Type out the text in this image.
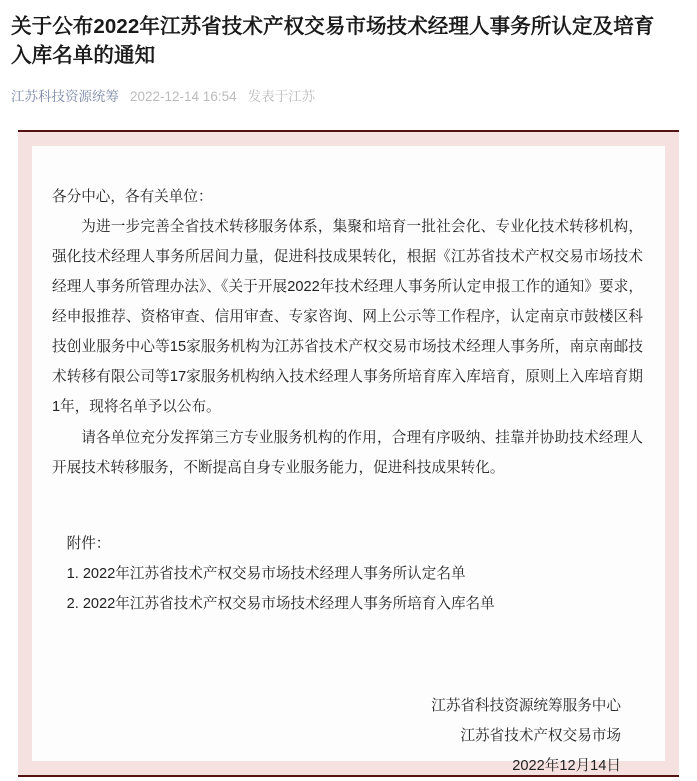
关于公布2022年江苏省技术产权交易市场技术经理人事务所认定及培育入库名单的通知
江苏科技资源统筹 2022-12-14 16:54 发表于江苏

各分中心，各有关单位：

为进一步完善全省技术转移服务体系，集聚和培育一批社会化、专业化技术转移机构，强化技术经理人事务所居间力量，促进科技成果转化，根据《江苏省技术产权交易市场技术经理人事务所管理办法》、《关于开展2022年技术经理人事务所认定申报工作的通知》要求，经申报推荐、资格审查、信用审查、专家咨询、网上公示等工作程序，认定南京市鼓楼区科技创业服务中心等15家服务机构为江苏省技术产权交易市场技术经理人事务所，南京南邮技术转移有限公司等17家服务机构纳入技术经理人事务所培育库入库培育，原则上入库培育期1年，现将名单予以公布。

请各单位充分发挥第三方专业服务机构的作用，合理有序吸纳、挂靠并协助技术经理人开展技术转移服务，不断提高自身专业服务能力，促进科技成果转化。

附件：

1. 2022年江苏省技术产权交易市场技术经理人事务所认定名单

2. 2022年江苏省技术产权交易市场技术经理人事务所培育入库名单

江苏省科技资源统筹服务中心

江苏省技术产权交易市场

2022年12月14日
